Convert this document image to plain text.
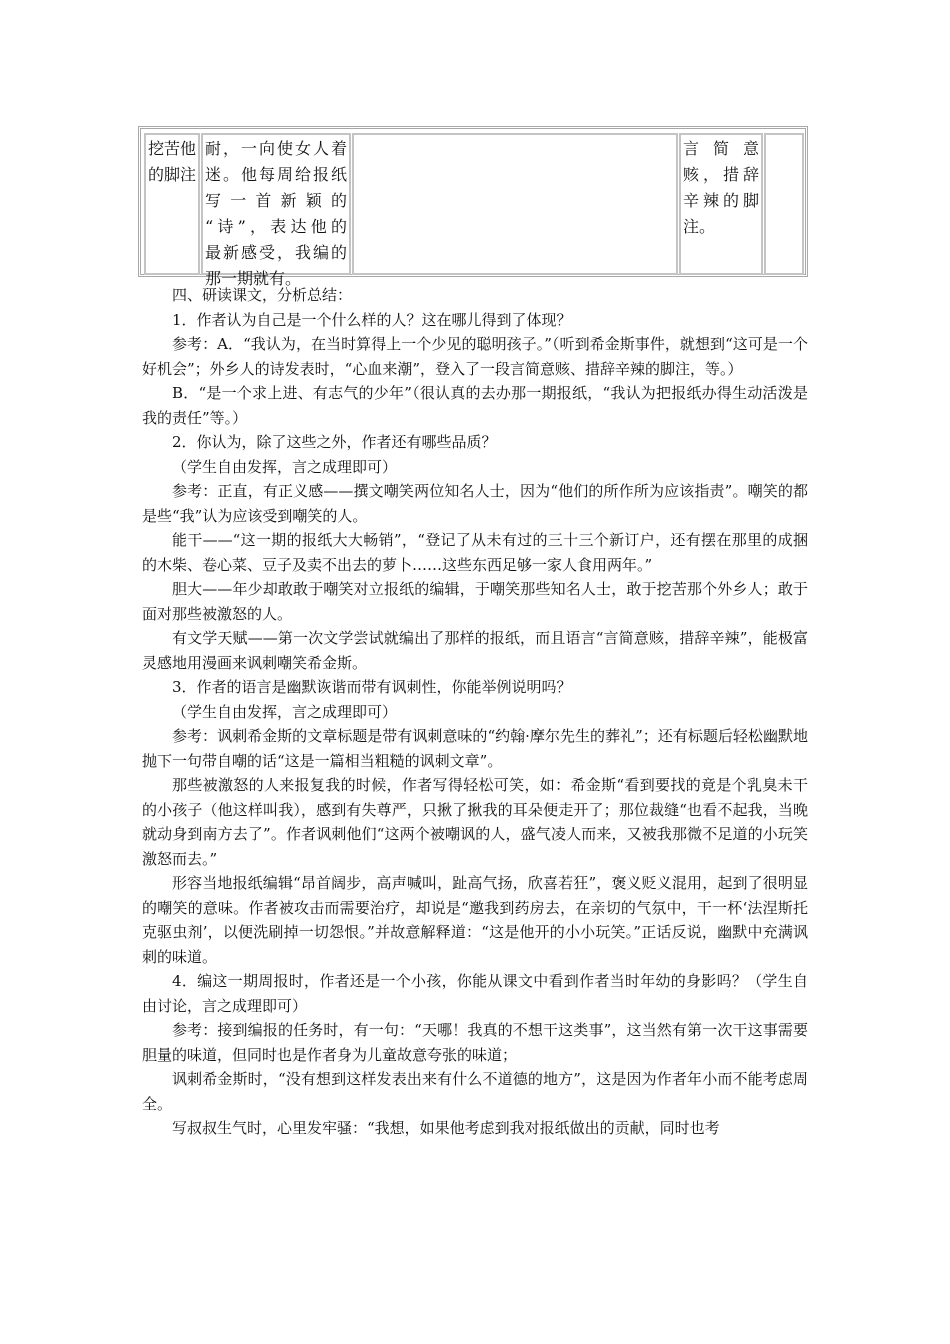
挖苦他
的脚注
耐，一向使女人着
迷。他每周给报纸
写一首新颖的
“诗”，表达他的
最新感受，我编的
那一期就有。
言简意
赅，措辞
辛辣的脚
注。

四、研读课文，分析总结：

1．作者认为自己是一个什么样的人？这在哪儿得到了体现？

参考：A．“我认为，在当时算得上一个少见的聪明孩子。”（听到希金斯事件，就想到“这可是一个好机会”；外乡人的诗发表时，“心血来潮”，登入了一段言简意赅、措辞辛辣的脚注，等。）

B．“是一个求上进、有志气的少年”（很认真的去办那一期报纸，“我认为把报纸办得生动活泼是我的责任”等。）

2．你认为，除了这些之外，作者还有哪些品质？

（学生自由发挥，言之成理即可）

参考：正直，有正义感——撰文嘲笑两位知名人士，因为“他们的所作所为应该指责”。嘲笑的都是些“我”认为应该受到嘲笑的人。

能干——“这一期的报纸大大畅销”，“登记了从未有过的三十三个新订户，还有摆在那里的成捆的木柴、卷心菜、豆子及卖不出去的萝卜……这些东西足够一家人食用两年。”

胆大——年少却敢敢于嘲笑对立报纸的编辑，于嘲笑那些知名人士，敢于挖苦那个外乡人；敢于面对那些被激怒的人。

有文学天赋——第一次文学尝试就编出了那样的报纸，而且语言“言简意赅，措辞辛辣”，能极富灵感地用漫画来讽刺嘲笑希金斯。

3．作者的语言是幽默诙谐而带有讽刺性，你能举例说明吗？

（学生自由发挥，言之成理即可）

参考：讽刺希金斯的文章标题是带有讽刺意味的“约翰·摩尔先生的葬礼”；还有标题后轻松幽默地抛下一句带自嘲的话“这是一篇相当粗糙的讽刺文章”。

那些被激怒的人来报复我的时候，作者写得轻松可笑，如：希金斯“看到要找的竟是个乳臭未干的小孩子（他这样叫我），感到有失尊严，只揪了揪我的耳朵便走开了；那位裁缝“也看不起我，当晚就动身到南方去了”。作者讽刺他们“这两个被嘲讽的人，盛气凌人而来，又被我那微不足道的小玩笑激怒而去。”

形容当地报纸编辑“昂首阔步，高声喊叫，趾高气扬，欣喜若狂”，褒义贬义混用，起到了很明显的嘲笑的意味。作者被攻击而需要治疗，却说是“邀我到药房去，在亲切的气氛中，干一杯‘法涅斯托克驱虫剂’，以便洗刷掉一切怨恨。”并故意解释道：“这是他开的小小玩笑。”正话反说，幽默中充满讽刺的味道。

4．编这一期周报时，作者还是一个小孩，你能从课文中看到作者当时年幼的身影吗？（学生自由讨论，言之成理即可）

参考：接到编报的任务时，有一句：“天哪！我真的不想干这类事”，这当然有第一次干这事需要胆量的味道，但同时也是作者身为儿童故意夸张的味道；

讽刺希金斯时，“没有想到这样发表出来有什么不道德的地方”，这是因为作者年小而不能考虑周全。

写叔叔生气时，心里发牢骚：“我想，如果他考虑到我对报纸做出的贡献，同时也考
